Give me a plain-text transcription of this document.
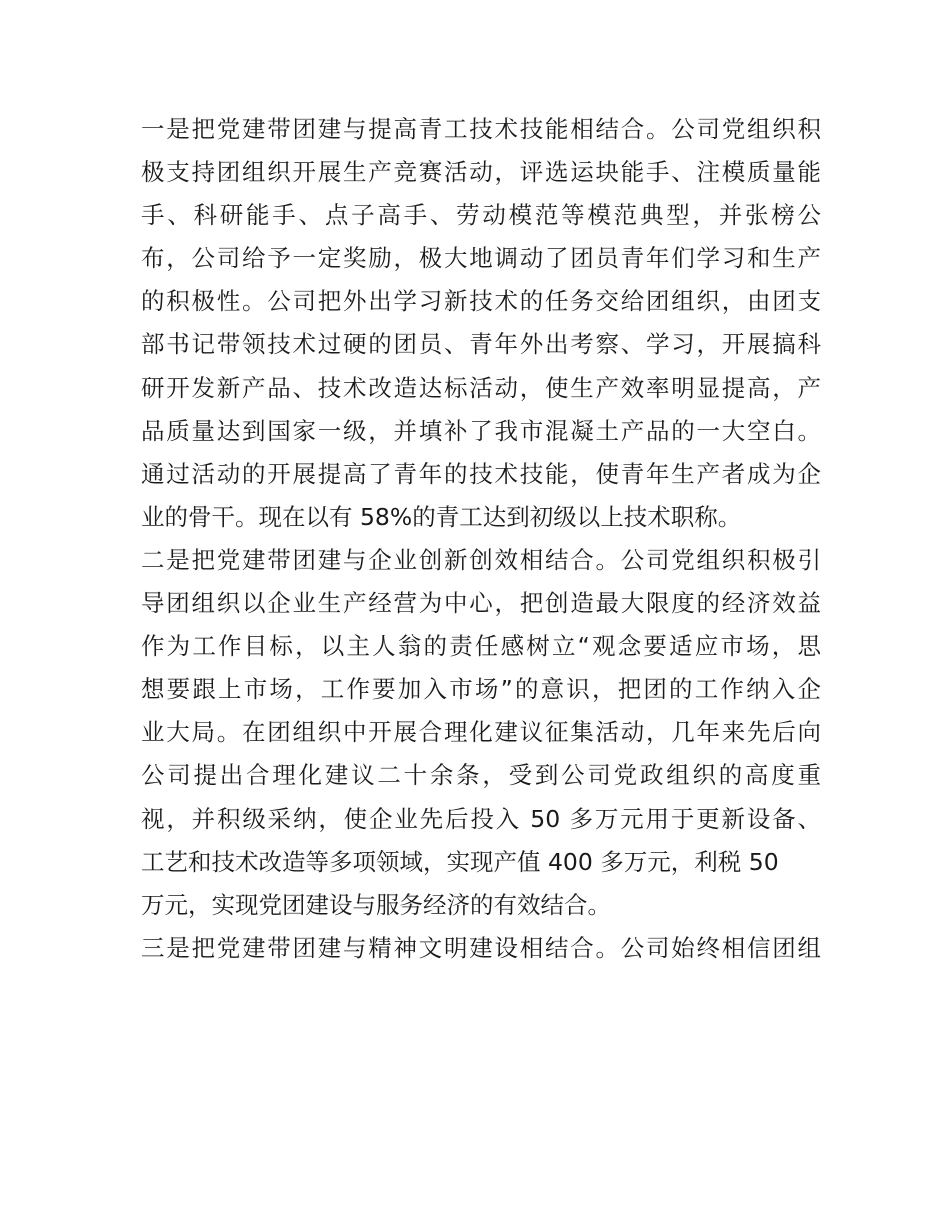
一是把党建带团建与提高青工技术技能相结合。公司党组织积
极支持团组织开展生产竞赛活动，评选运块能手、注模质量能
手、科研能手、点子高手、劳动模范等模范典型，并张榜公
布，公司给予一定奖励，极大地调动了团员青年们学习和生产
的积极性。公司把外出学习新技术的任务交给团组织，由团支
部书记带领技术过硬的团员、青年外出考察、学习，开展搞科
研开发新产品、技术改造达标活动，使生产效率明显提高，产
品质量达到国家一级，并填补了我市混凝土产品的一大空白。
通过活动的开展提高了青年的技术技能，使青年生产者成为企
业的骨干。现在以有 58%的青工达到初级以上技术职称。
二是把党建带团建与企业创新创效相结合。公司党组织积极引
导团组织以企业生产经营为中心，把创造最大限度的经济效益
作为工作目标，以主人翁的责任感树立“观念要适应市场，思
想要跟上市场，工作要加入市场”的意识，把团的工作纳入企
业大局。在团组织中开展合理化建议征集活动，几年来先后向
公司提出合理化建议二十余条，受到公司党政组织的高度重
视，并积级采纳，使企业先后投入 50 多万元用于更新设备、
工艺和技术改造等多项领域，实现产值 400 多万元，利税 50
万元，实现党团建设与服务经济的有效结合。
三是把党建带团建与精神文明建设相结合。公司始终相信团组
